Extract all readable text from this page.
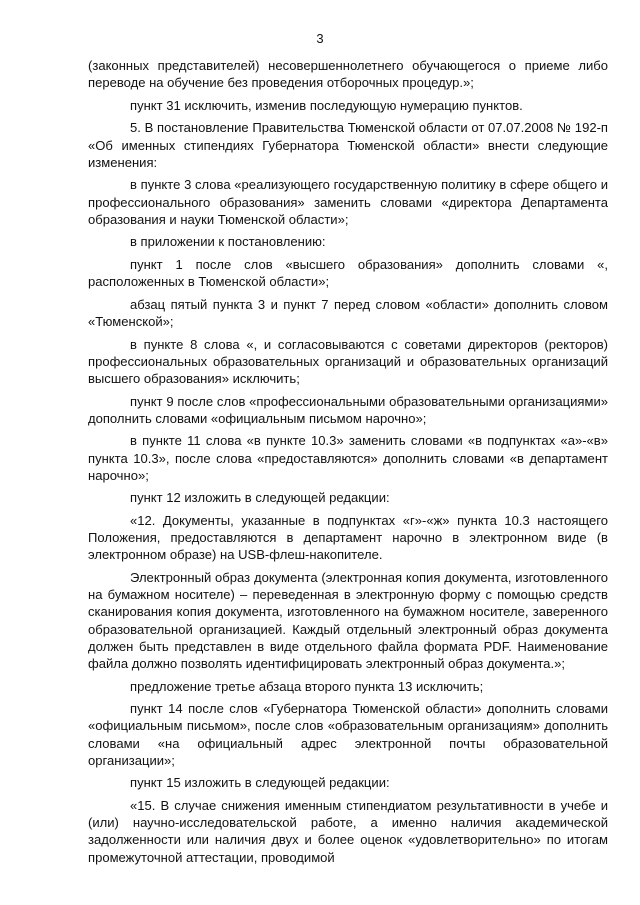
3

(законных представителей) несовершеннолетнего обучающегося о приеме либо переводе на обучение без проведения отборочных процедур.»;

пункт 31 исключить, изменив последующую нумерацию пунктов.

5. В постановление Правительства Тюменской области от 07.07.2008 № 192-п «Об именных стипендиях Губернатора Тюменской области» внести следующие изменения:

в пункте 3 слова «реализующего государственную политику в сфере общего и профессионального образования» заменить словами «директора Департамента образования и науки Тюменской области»;

в приложении к постановлению:

пункт 1 после слов «высшего образования» дополнить словами «, расположенных в Тюменской области»;

абзац пятый пункта 3 и пункт 7 перед словом «области» дополнить словом «Тюменской»;

в пункте 8 слова «, и согласовываются с советами директоров (ректоров) профессиональных образовательных организаций и образовательных организаций высшего образования» исключить;

пункт 9 после слов «профессиональными образовательными организациями» дополнить словами «официальным письмом нарочно»;

в пункте 11 слова «в пункте 10.3» заменить словами «в подпунктах «а»-«в» пункта 10.3», после слова «предоставляются» дополнить словами «в департамент нарочно»;

пункт 12 изложить в следующей редакции:

«12. Документы, указанные в подпунктах «г»-«ж» пункта 10.3 настоящего Положения, предоставляются в департамент нарочно в электронном виде (в электронном образе) на USB-флеш-накопителе.

Электронный образ документа (электронная копия документа, изготовленного на бумажном носителе) – переведенная в электронную форму с помощью средств сканирования копия документа, изготовленного на бумажном носителе, заверенного образовательной организацией. Каждый отдельный электронный образ документа должен быть представлен в виде отдельного файла формата PDF. Наименование файла должно позволять идентифицировать электронный образ документа.»;

предложение третье абзаца второго пункта 13 исключить;

пункт 14 после слов «Губернатора Тюменской области» дополнить словами «официальным письмом», после слов «образовательным организациям» дополнить словами «на официальный адрес электронной почты образовательной организации»;

пункт 15 изложить в следующей редакции:

«15. В случае снижения именным стипендиатом результативности в учебе и (или) научно-исследовательской работе, а именно наличия академической задолженности или наличия двух и более оценок «удовлетворительно» по итогам промежуточной аттестации, проводимой
